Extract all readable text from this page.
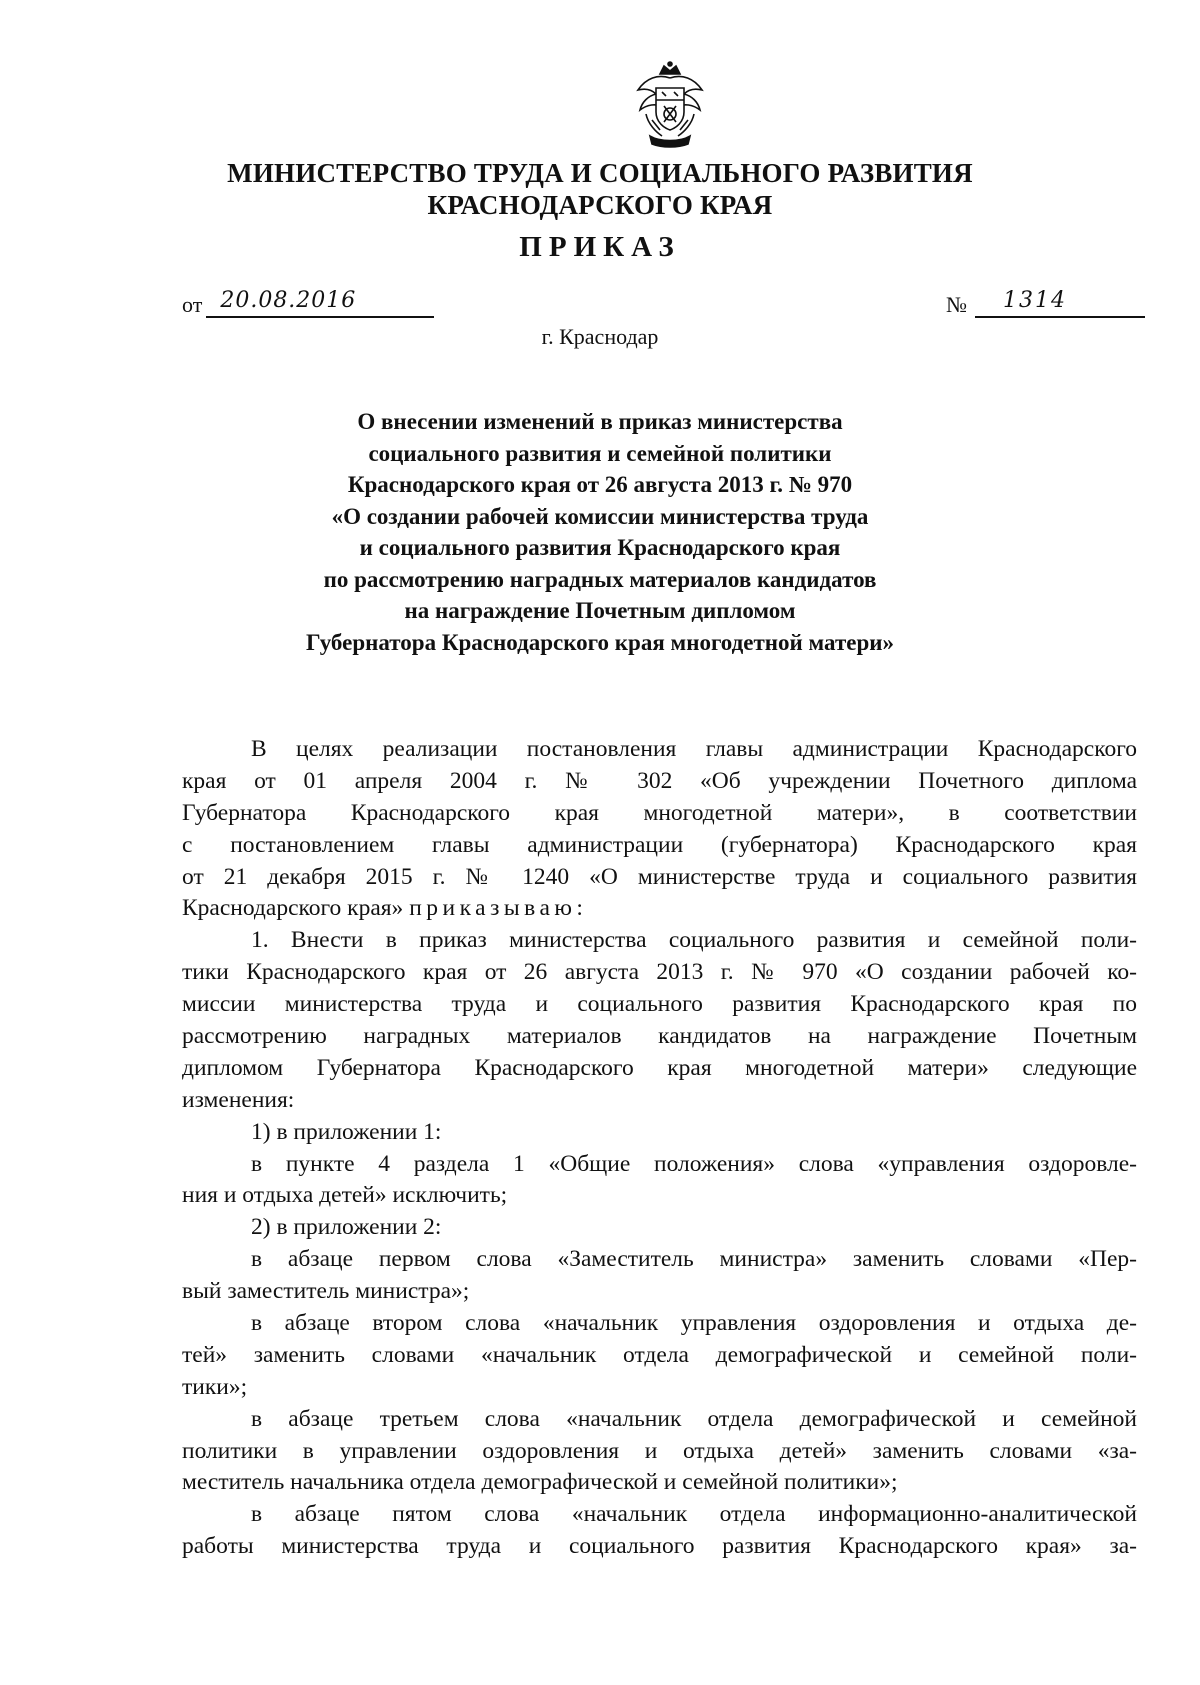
МИНИСТЕРСТВО ТРУДА И СОЦИАЛЬНОГО РАЗВИТИЯ
КРАСНОДАРСКОГО КРАЯ
ПРИКАЗ
от 20.08.2016	№ 1314
г. Краснодар
О внесении изменений в приказ министерства
социального развития и семейной политики
Краснодарского края от 26 августа 2013 г. № 970
«О создании рабочей комиссии министерства труда
и социального развития Краснодарского края
по рассмотрению наградных материалов кандидатов
на награждение Почетным дипломом
Губернатора Краснодарского края многодетной матери»
В целях реализации постановления главы администрации Краснодарского
края от 01 апреля 2004 г. № 302 «Об учреждении Почетного диплома
Губернатора Краснодарского края многодетной матери», в соответствии
с постановлением главы администрации (губернатора) Краснодарского края
от 21 декабря 2015 г. № 1240 «О министерстве труда и социального развития
Краснодарского края» приказываю:
1. Внести в приказ министерства социального развития и семейной поли-
тики Краснодарского края от 26 августа 2013 г. № 970 «О создании рабочей ко-
миссии министерства труда и социального развития Краснодарского края по
рассмотрению наградных материалов кандидатов на награждение Почетным
дипломом Губернатора Краснодарского края многодетной матери» следующие
изменения:
1) в приложении 1:
в пункте 4 раздела 1 «Общие положения» слова «управления оздоровле-
ния и отдыха детей» исключить;
2) в приложении 2:
в абзаце первом слова «Заместитель министра» заменить словами «Пер-
вый заместитель министра»;
в абзаце втором слова «начальник управления оздоровления и отдыха де-
тей» заменить словами «начальник отдела демографической и семейной поли-
тики»;
в абзаце третьем слова «начальник отдела демографической и семейной
политики в управлении оздоровления и отдыха детей» заменить словами «за-
меститель начальника отдела демографической и семейной политики»;
в абзаце пятом слова «начальник отдела информационно-аналитической
работы министерства труда и социального развития Краснодарского края» за-
